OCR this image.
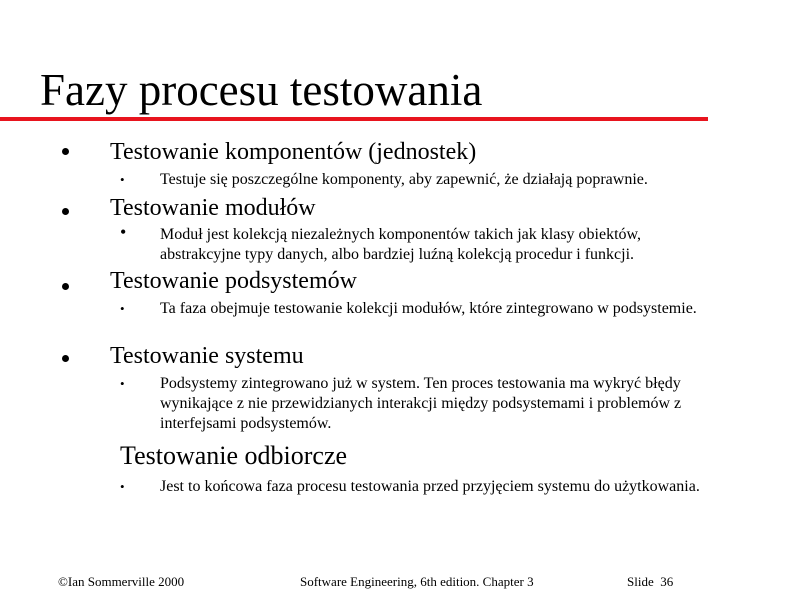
Fazy procesu testowania
Testowanie komponentów (jednostek)
• Testuje się poszczególne komponenty, aby zapewnić, że działają poprawnie.
Testowanie modułów
• Moduł jest kolekcją niezależnych komponentów takich jak klasy obiektów, abstrakcyjne typy danych, albo bardziej luźną kolekcją procedur i funkcji.
Testowanie podsystemów
• Ta faza obejmuje testowanie kolekcji modułów, które zintegrowano w podsystemie.
Testowanie systemu
• Podsystemy zintegrowano już w system. Ten proces testowania ma wykryć błędy wynikające z nie przewidzianych interakcji między podsystemami i problemów z interfejsami podsystemów.
Testowanie odbiorcze
• Jest to końcowa faza procesu testowania przed przyjęciem systemu do użytkowania.
©Ian Sommerville 2000	Software Engineering, 6th edition. Chapter 3	Slide  36
